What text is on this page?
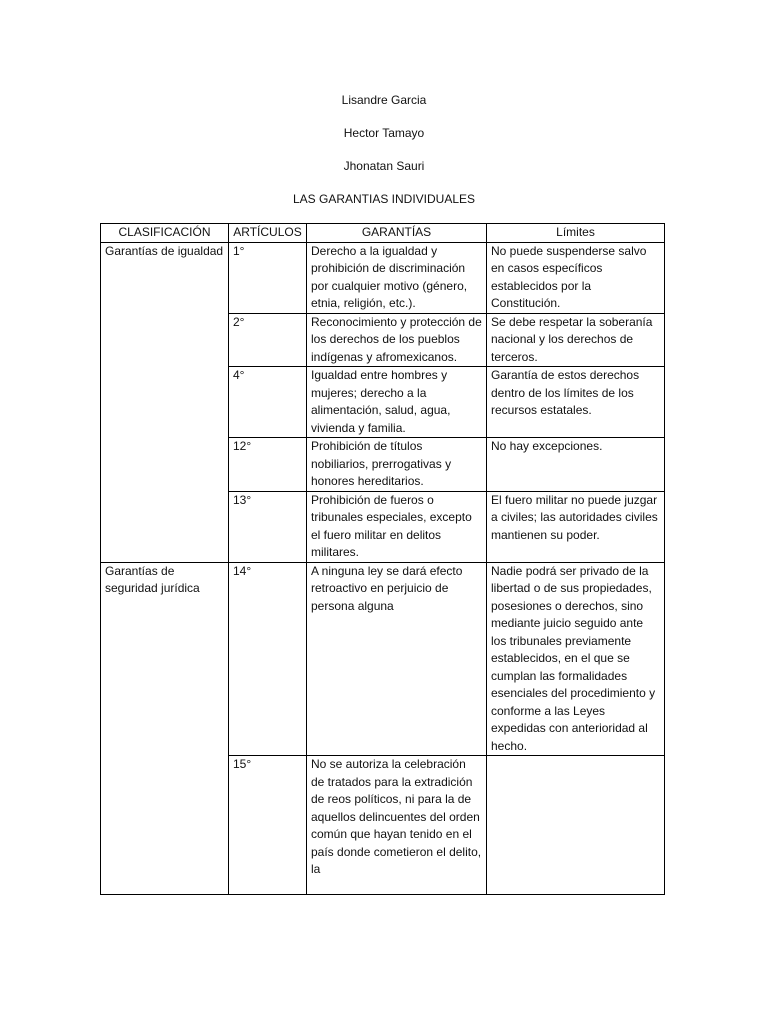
Lisandre Garcia
Hector Tamayo
Jhonatan Sauri
LAS GARANTIAS INDIVIDUALES
CLASIFICACIÓN	ARTÍCULOS	GARANTÍAS	Límites
Garantías de igualdad	1°	Derecho a la igualdad y prohibición de discriminación por cualquier motivo (género, etnia, religión, etc.).	No puede suspenderse salvo en casos específicos establecidos por la Constitución.
	2°	Reconocimiento y protección de los derechos de los pueblos indígenas y afromexicanos.	Se debe respetar la soberanía nacional y los derechos de terceros.
	4°	Igualdad entre hombres y mujeres; derecho a la alimentación, salud, agua, vivienda y familia.	Garantía de estos derechos dentro de los límites de los recursos estatales.
	12°	Prohibición de títulos nobiliarios, prerrogativas y honores hereditarios.	No hay excepciones.
	13°	Prohibición de fueros o tribunales especiales, excepto el fuero militar en delitos militares.	El fuero militar no puede juzgar a civiles; las autoridades civiles mantienen su poder.
Garantías de seguridad jurídica	14°	A ninguna ley se dará efecto retroactivo en perjuicio de persona alguna	Nadie podrá ser privado de la libertad o de sus propiedades, posesiones o derechos, sino mediante juicio seguido ante los tribunales previamente establecidos, en el que se cumplan las formalidades esenciales del procedimiento y conforme a las Leyes expedidas con anterioridad al hecho.
	15°	No se autoriza la celebración de tratados para la extradición de reos políticos, ni para la de aquellos delincuentes del orden común que hayan tenido en el país donde cometieron el delito, la	
